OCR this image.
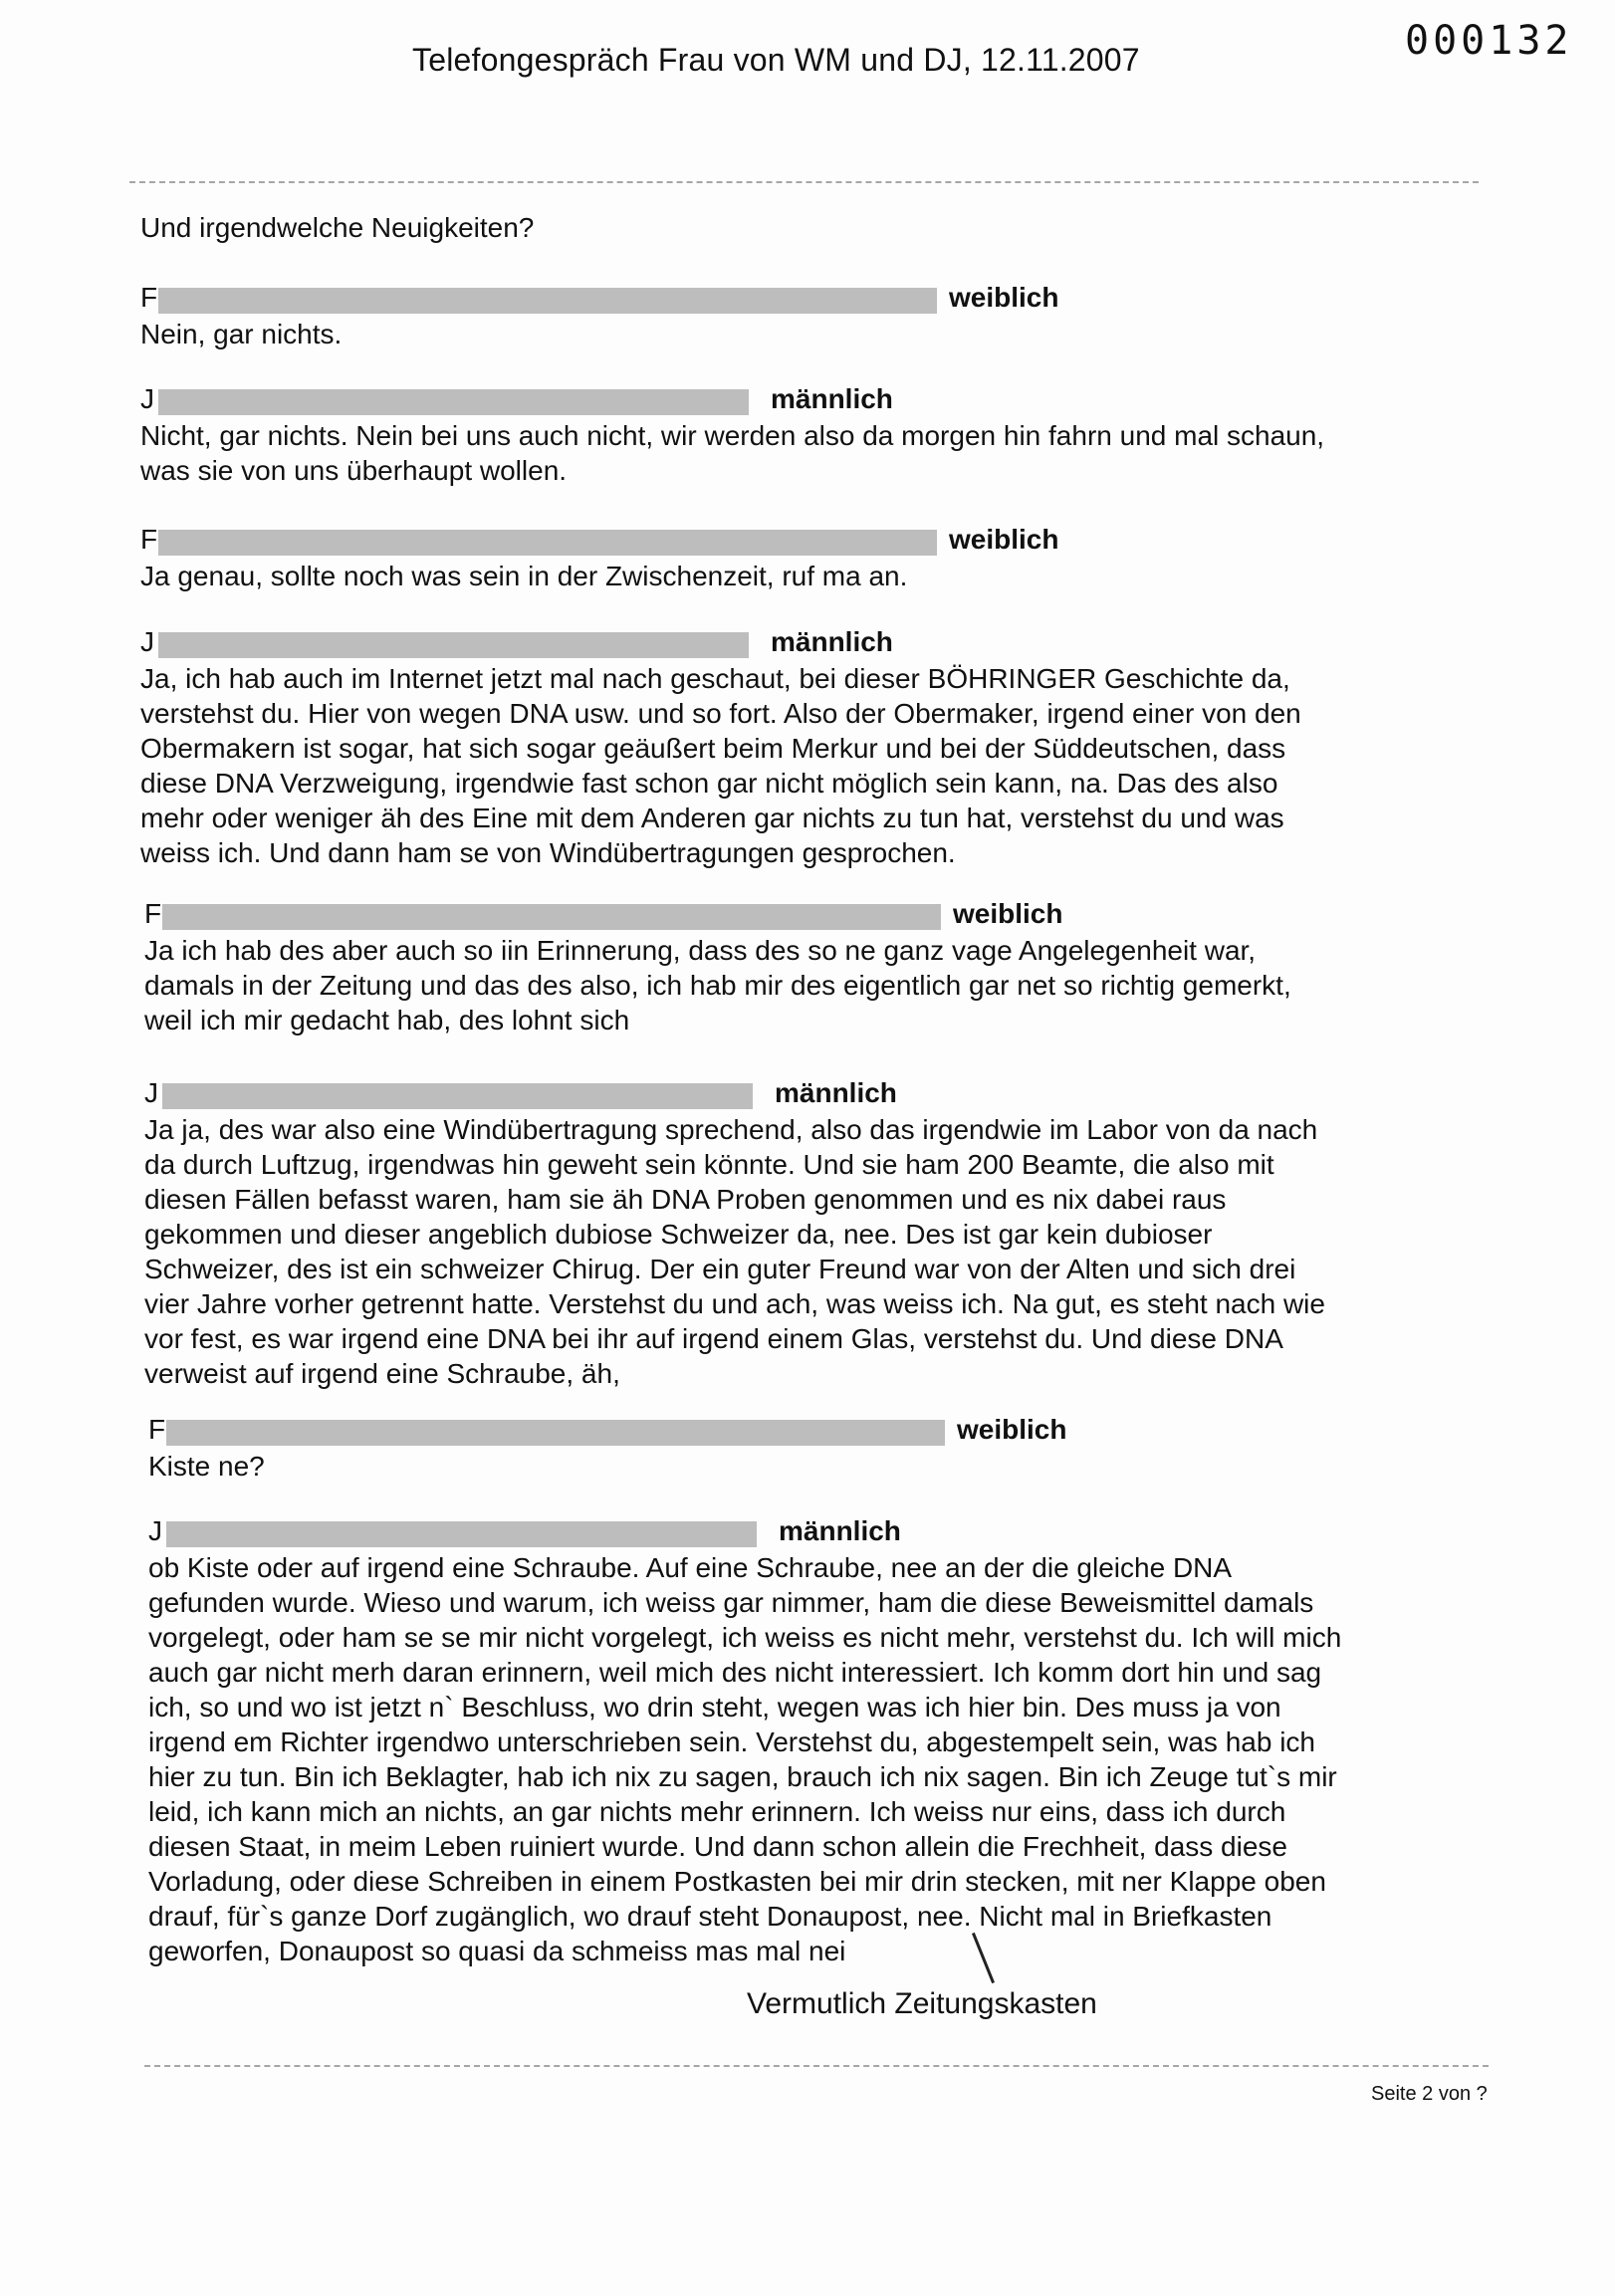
Telefongespräch Frau von WM und DJ, 12.11.2007	000132
Und irgendwelche Neuigkeiten?
F	weiblich
Nein, gar nichts.
J	männlich
Nicht, gar nichts. Nein bei uns auch nicht, wir werden also da morgen hin fahrn und mal schaun,
was sie von uns überhaupt wollen.
F	weiblich
Ja genau, sollte noch was sein in der Zwischenzeit, ruf ma an.
J	männlich
Ja, ich hab auch im Internet jetzt mal nach geschaut, bei dieser BÖHRINGER Geschichte da,
verstehst du. Hier von wegen DNA usw. und so fort. Also der Obermaker, irgend einer von den
Obermakern ist sogar, hat sich sogar geäußert beim Merkur und bei der Süddeutschen, dass
diese DNA Verzweigung, irgendwie fast schon gar nicht möglich sein kann, na. Das des also
mehr oder weniger äh des Eine mit dem Anderen gar nichts zu tun hat, verstehst du und was
weiss ich. Und dann ham se von Windübertragungen gesprochen.
F	weiblich
Ja ich hab des aber auch so iin Erinnerung, dass des so ne ganz vage Angelegenheit war,
damals in der Zeitung und das des also, ich hab mir des eigentlich gar net so richtig gemerkt,
weil ich mir gedacht hab, des lohnt sich
J	männlich
Ja ja, des war also eine Windübertragung sprechend, also das irgendwie im Labor von da nach
da durch Luftzug, irgendwas hin geweht sein könnte. Und sie ham 200 Beamte, die also mit
diesen Fällen befasst waren, ham sie äh DNA Proben genommen und es nix dabei raus
gekommen und dieser angeblich dubiose Schweizer da, nee. Des ist gar kein dubioser
Schweizer, des ist ein schweizer Chirug. Der ein guter Freund war von der Alten und sich drei
vier Jahre vorher getrennt hatte. Verstehst du und ach, was weiss ich. Na gut, es steht nach wie
vor fest, es war irgend eine DNA bei ihr auf irgend einem Glas, verstehst du. Und diese DNA
verweist auf irgend eine Schraube, äh,
F	weiblich
Kiste ne?
J	männlich
ob Kiste oder auf irgend eine Schraube. Auf eine Schraube, nee an der die gleiche DNA
gefunden wurde. Wieso und warum, ich weiss gar nimmer, ham die diese Beweismittel damals
vorgelegt, oder ham se se mir nicht vorgelegt, ich weiss es nicht mehr, verstehst du. Ich will mich
auch gar nicht merh daran erinnern, weil mich des nicht interessiert. Ich komm dort hin und sag
ich, so und wo ist jetzt n` Beschluss, wo drin steht, wegen was ich hier bin. Des muss ja von
irgend em Richter irgendwo unterschrieben sein. Verstehst du, abgestempelt sein, was hab ich
hier zu tun. Bin ich Beklagter, hab ich nix zu sagen, brauch ich nix sagen. Bin ich Zeuge tut`s mir
leid, ich kann mich an nichts, an gar nichts mehr erinnern. Ich weiss nur eins, dass ich durch
diesen Staat, in meim Leben ruiniert wurde. Und dann schon allein die Frechheit, dass diese
Vorladung, oder diese Schreiben in einem Postkasten bei mir drin stecken, mit ner Klappe oben
drauf, für`s ganze Dorf zugänglich, wo drauf steht Donaupost, nee. Nicht mal in Briefkasten
geworfen, Donaupost so quasi da schmeiss mas mal nei
Vermutlich Zeitungskasten
Seite 2 von ?
